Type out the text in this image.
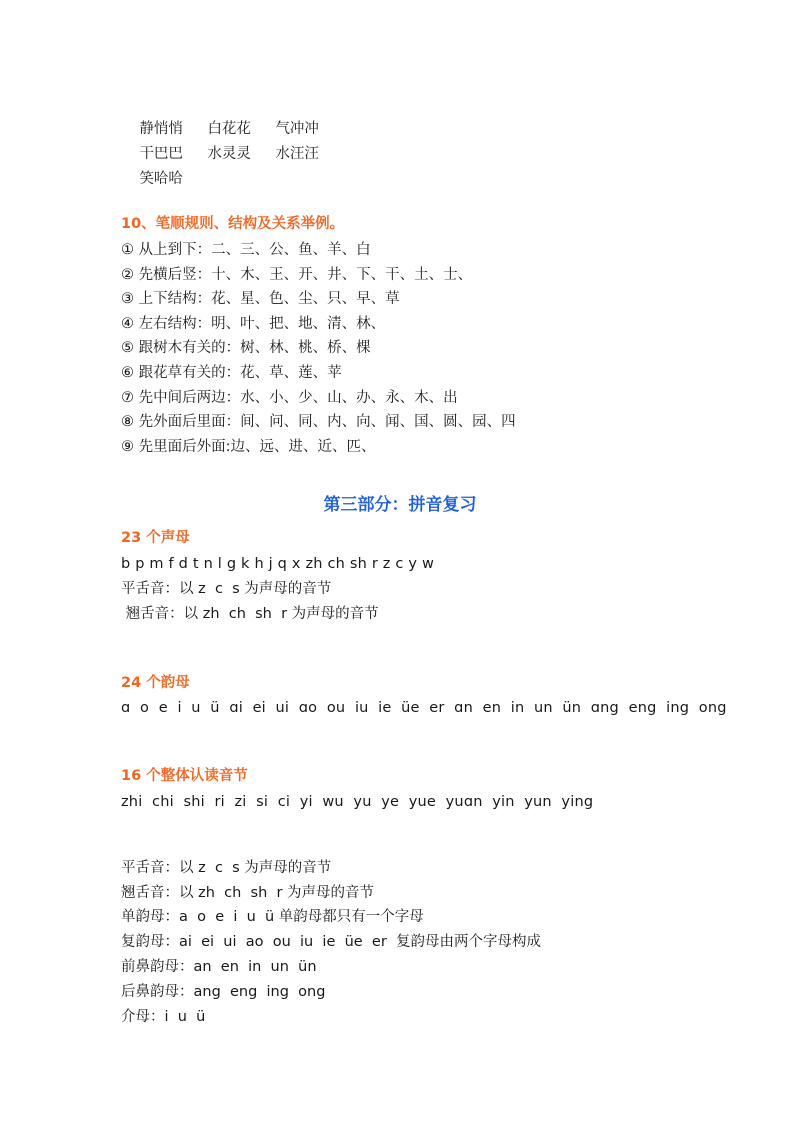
静悄悄 白花花 气冲冲

干巴巴 水灵灵 水汪汪

笑哈哈

10、笔顺规则、结构及关系举例。
① 从上到下：二、三、公、鱼、羊、白
② 先横后竖：十、木、王、开、井、下、干、土、士、
③ 上下结构：花、星、色、尘、只、早、草
④ 左右结构：明、叶、把、地、清、林、
⑤ 跟树木有关的：树、林、桃、桥、棵
⑥ 跟花草有关的：花、草、莲、苹
⑦ 先中间后两边：水、小、少、山、办、永、木、出
⑧ 先外面后里面：间、问、同、内、向、闻、国、圆、园、四
⑨ 先里面后外面:边、远、进、近、匹、
第三部分：拼音复习
23 个声母
b p m f d t n l g k h j q x zh ch sh r z c y w
平舌音：以 z  c  s 为声母的音节
翘舌音：以 zh  ch  sh  r 为声母的音节
24 个韵母
ɑ  o  e  i  u  ü  ɑi  ei  ui  ɑo  ou  iu  ie  üe  er  ɑn  en  in  un  ün  ɑng  eng  ing  ong
16 个整体认读音节
zhi  chi  shi  ri  zi  si  ci  yi  wu  yu  ye  yue  yuɑn  yin  yun  ying
平舌音：以 z  c  s 为声母的音节
翘舌音：以 zh  ch  sh  r 为声母的音节
单韵母：a  o  e  i  u  ü 单韵母都只有一个字母
复韵母：ai  ei  ui  ao  ou  iu  ie  üe  er  复韵母由两个字母构成
前鼻韵母：an  en  in  un  ün
后鼻韵母：ang  eng  ing  ong
介母：i  u  ü
